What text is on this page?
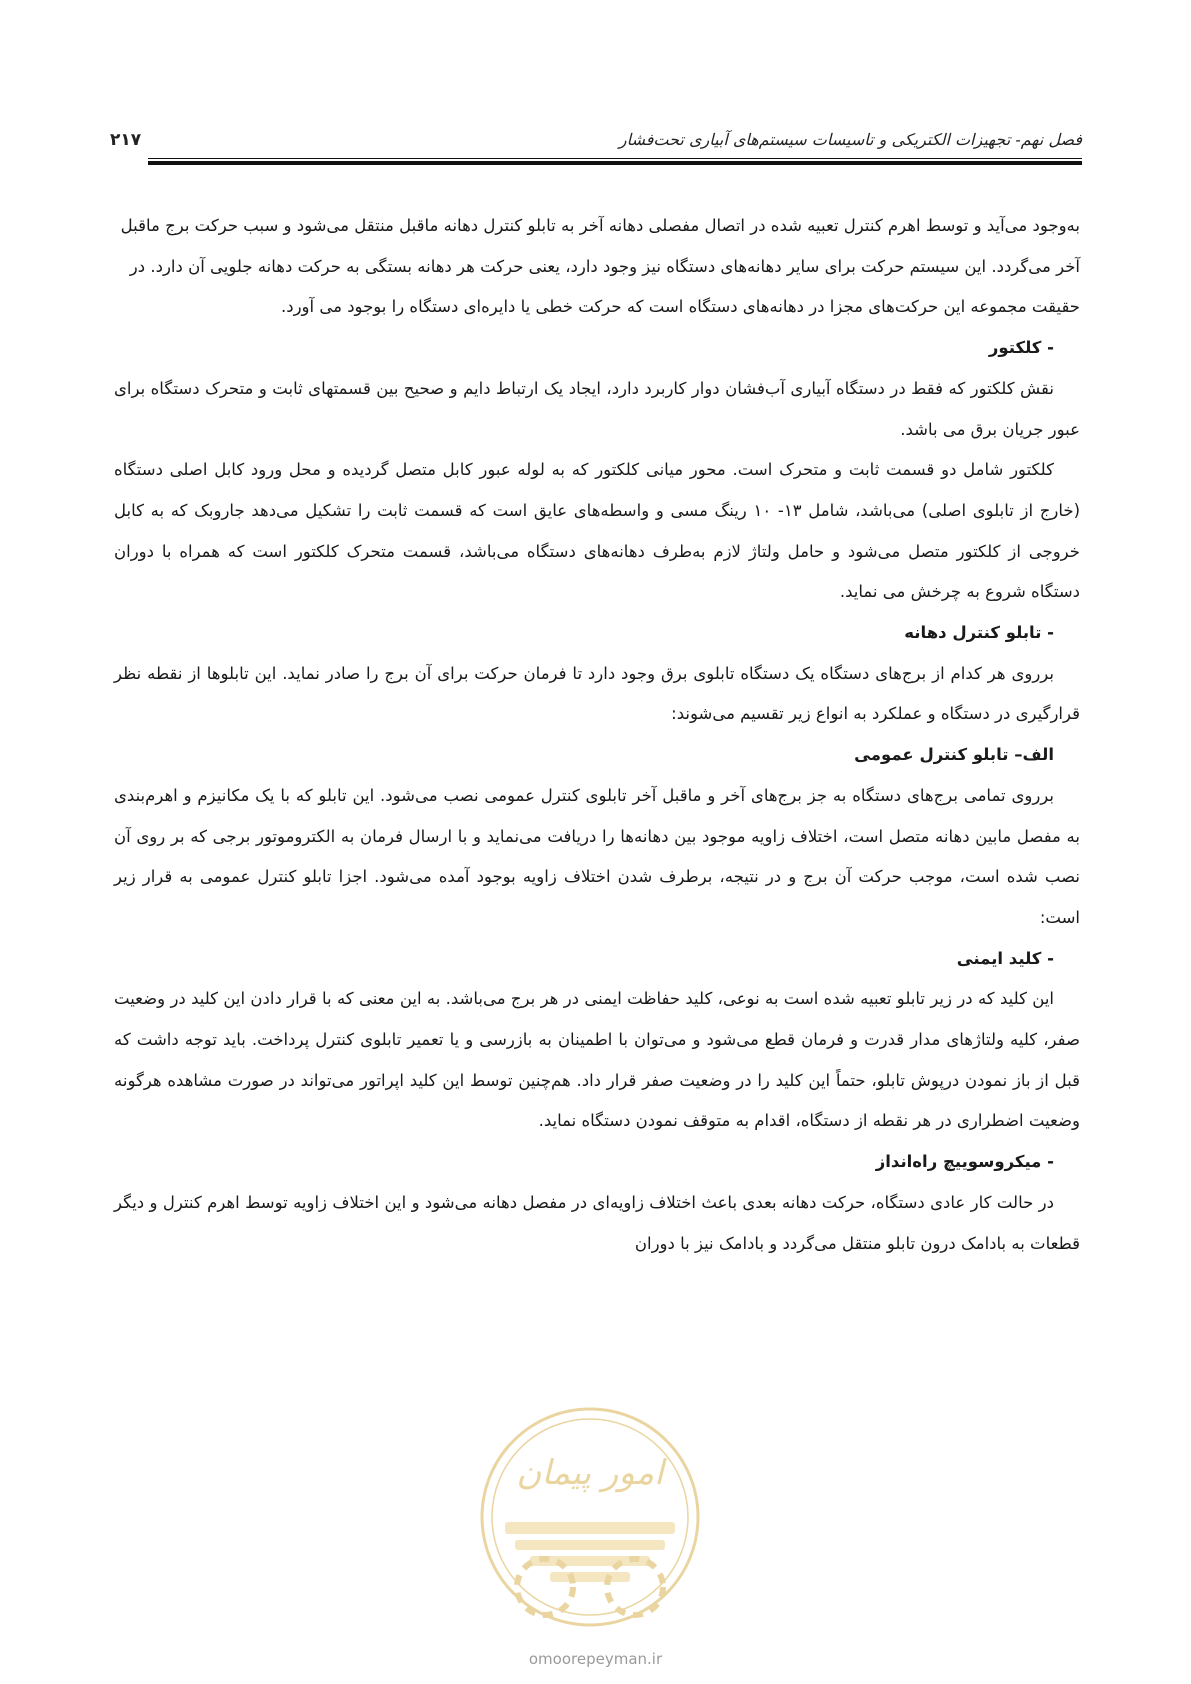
فصل نهم- تجهیزات الکتریکی و تاسیسات سیستم‌های آبیاری تحت‌فشار
۲۱۷

به‌وجود می‌آید و توسط اهرم کنترل تعبیه شده در اتصال مفصلی دهانه آخر به تابلو کنترل دهانه ماقبل منتقل می‌شود و سبب حرکت برج ماقبل آخر می‌گردد. این سیستم حرکت برای سایر دهانه‌های دستگاه نیز وجود دارد، یعنی حرکت هر دهانه بستگی به حرکت دهانه جلویی آن دارد. در حقیقت مجموعه این حرکت‌های مجزا در دهانه‌های دستگاه است که حرکت خطی یا دایره‌ای دستگاه را بوجود می آورد.

- کلکتور

نقش کلکتور که فقط در دستگاه آبیاری آب‌فشان دوار کاربرد دارد، ایجاد یک ارتباط دایم و صحیح بین قسمتهای ثابت و متحرک دستگاه برای عبور جریان برق می باشد.

کلکتور شامل دو قسمت ثابت و متحرک است. محور میانی کلکتور که به لوله عبور کابل متصل گردیده و محل ورود کابل اصلی دستگاه (خارج از تابلوی اصلی) می‌باشد، شامل ۱۳- ۱۰ رینگ مسی و واسطه‌های عایق است که قسمت ثابت را تشکیل می‌دهد جاروبک که به کابل خروجی از کلکتور متصل می‌شود و حامل ولتاژ لازم به‌طرف دهانه‌های دستگاه می‌باشد، قسمت متحرک کلکتور است که همراه با دوران دستگاه شروع به چرخش می نماید.

- تابلو کنترل دهانه

برروی هر کدام از برج‌های دستگاه یک دستگاه تابلوی برق وجود دارد تا فرمان حرکت برای آن برج را صادر نماید. این تابلوها از نقطه نظر قرارگیری در دستگاه و عملکرد به انواع زیر تقسیم می‌شوند:

الف– تابلو کنترل عمومی

برروی تمامی برج‌های دستگاه به جز برج‌های آخر و ماقبل آخر تابلوی کنترل عمومی نصب می‌شود. این تابلو که با یک مکانیزم و اهرم‌بندی به مفصل مابین دهانه متصل است، اختلاف زاویه موجود بین دهانه‌ها را دریافت می‌نماید و با ارسال فرمان به الکتروموتور برجی که بر روی آن نصب شده است، موجب حرکت آن برج و در نتیجه، برطرف شدن اختلاف زاویه بوجود آمده می‌شود. اجزا تابلو کنترل عمومی به قرار زیر است:

- کلید ایمنی

این کلید که در زیر تابلو تعبیه شده است به نوعی، کلید حفاظت ایمنی در هر برج می‌باشد. به این معنی که با قرار دادن این کلید در وضعیت صفر، کلیه ولتاژهای مدار قدرت و فرمان قطع می‌شود و می‌توان با اطمینان به بازرسی و یا تعمیر تابلوی کنترل پرداخت. باید توجه داشت که قبل از باز نمودن درپوش تابلو، حتماً این کلید را در وضعیت صفر قرار داد. هم‌چنین توسط این کلید اپراتور می‌تواند در صورت مشاهده هرگونه وضعیت اضطراری در هر نقطه از دستگاه، اقدام به متوقف نمودن دستگاه نماید.

- میکروسوییچ راه‌انداز

در حالت کار عادی دستگاه، حرکت دهانه بعدی باعث اختلاف زاویه‌ای در مفصل دهانه می‌شود و این اختلاف زاویه توسط اهرم کنترل و دیگر قطعات به بادامک درون تابلو منتقل می‌گردد و بادامک نیز با دوران

امور پیمان
omoorepeyman.ir
